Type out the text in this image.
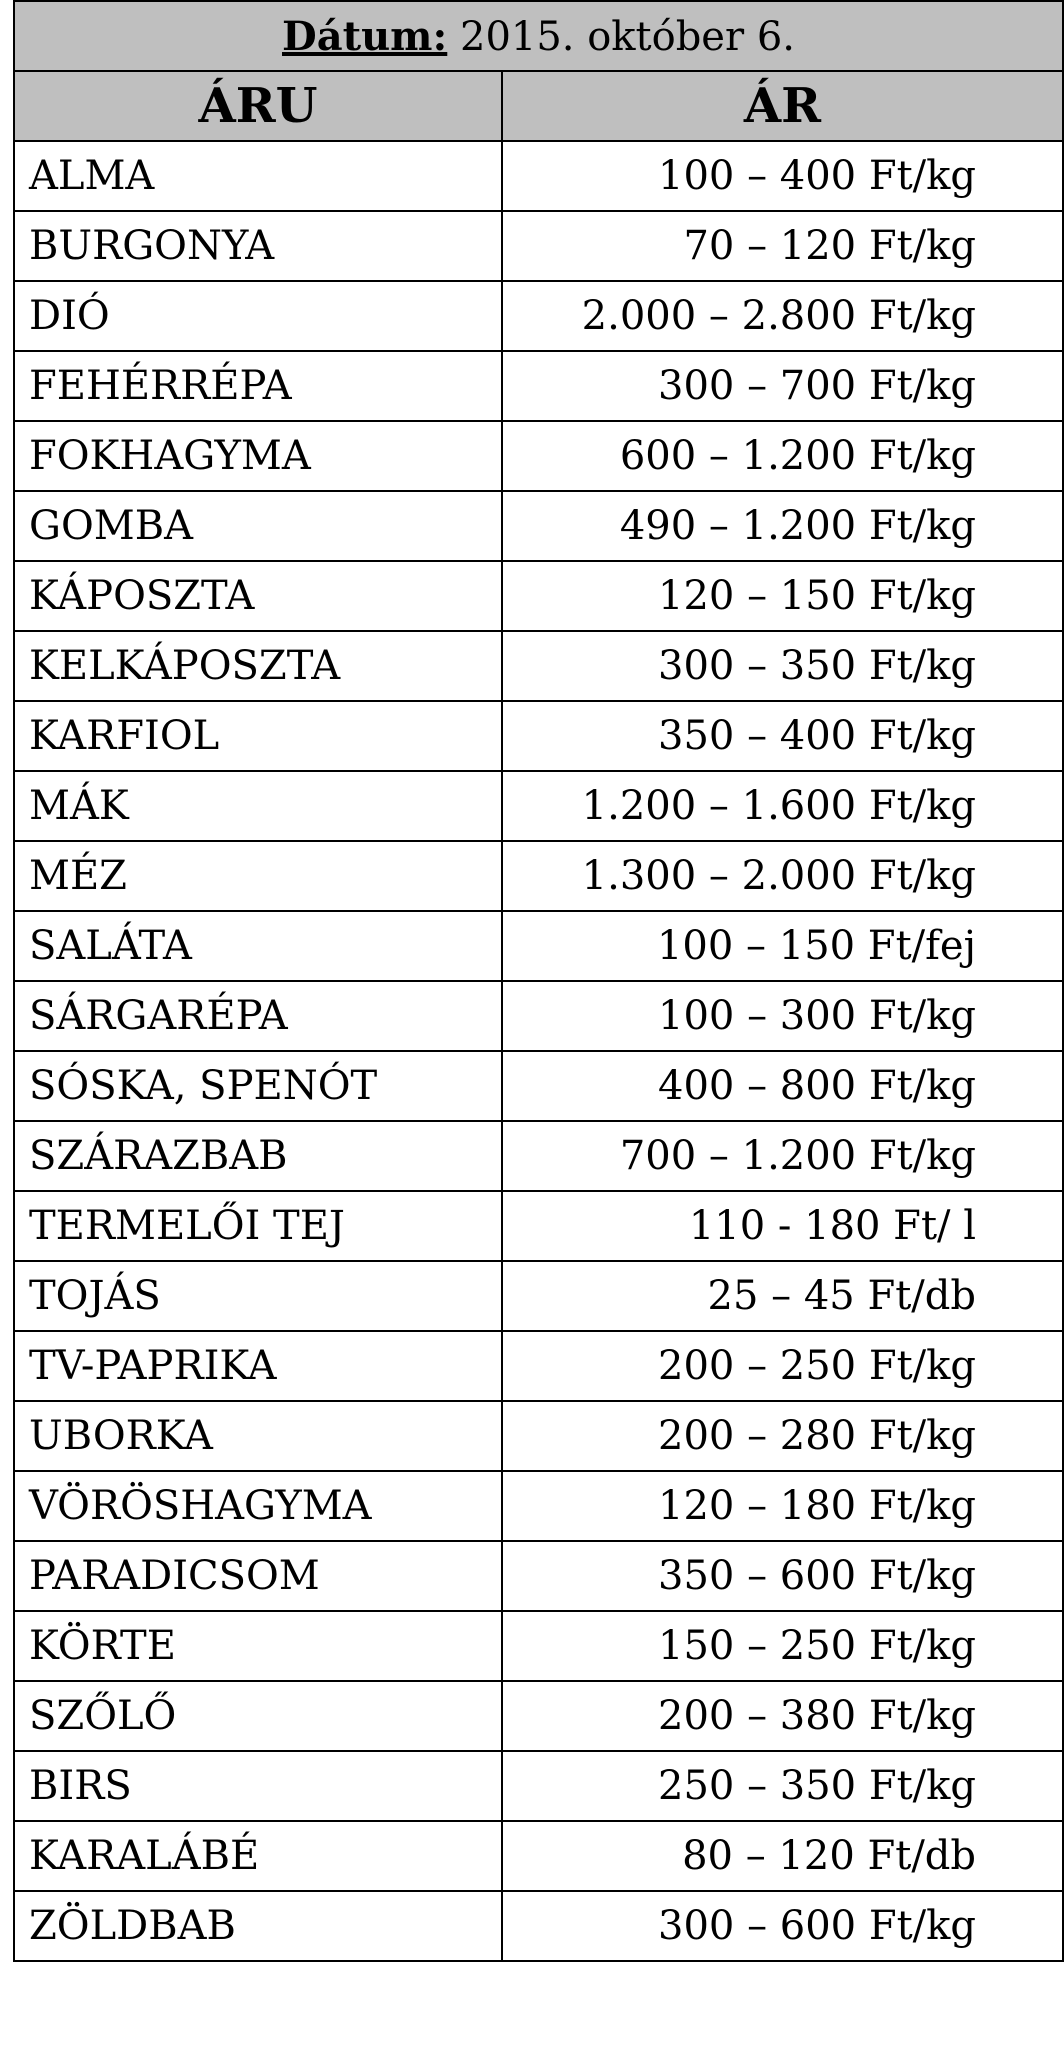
Dátum: 2015. október 6.	
ÁRU	ÁR
ALMA	100 – 400 Ft/kg
BURGONYA	70 – 120 Ft/kg
DIÓ	2.000 – 2.800 Ft/kg
FEHÉRRÉPA	300 – 700 Ft/kg
FOKHAGYMA	600 – 1.200 Ft/kg
GOMBA	490 – 1.200 Ft/kg
KÁPOSZTA	120 – 150 Ft/kg
KELKÁPOSZTA	300 – 350 Ft/kg
KARFIOL	350 – 400 Ft/kg
MÁK	1.200 – 1.600 Ft/kg
MÉZ	1.300 – 2.000 Ft/kg
SALÁTA	100 – 150 Ft/fej
SÁRGARÉPA	100 – 300 Ft/kg
SÓSKA, SPENÓT	400 – 800 Ft/kg
SZÁRAZBAB	700 – 1.200 Ft/kg
TERMELŐI TEJ	110 - 180 Ft/ l
TOJÁS	25 – 45 Ft/db
TV-PAPRIKA	200 – 250 Ft/kg
UBORKA	200 – 280 Ft/kg
VÖRÖSHAGYMA	120 – 180 Ft/kg
PARADICSOM	350 – 600 Ft/kg
KÖRTE	150 – 250 Ft/kg
SZŐLŐ	200 – 380 Ft/kg
BIRS	250 – 350 Ft/kg
KARALÁBÉ	80 – 120 Ft/db
ZÖLDBAB	300 – 600 Ft/kg
